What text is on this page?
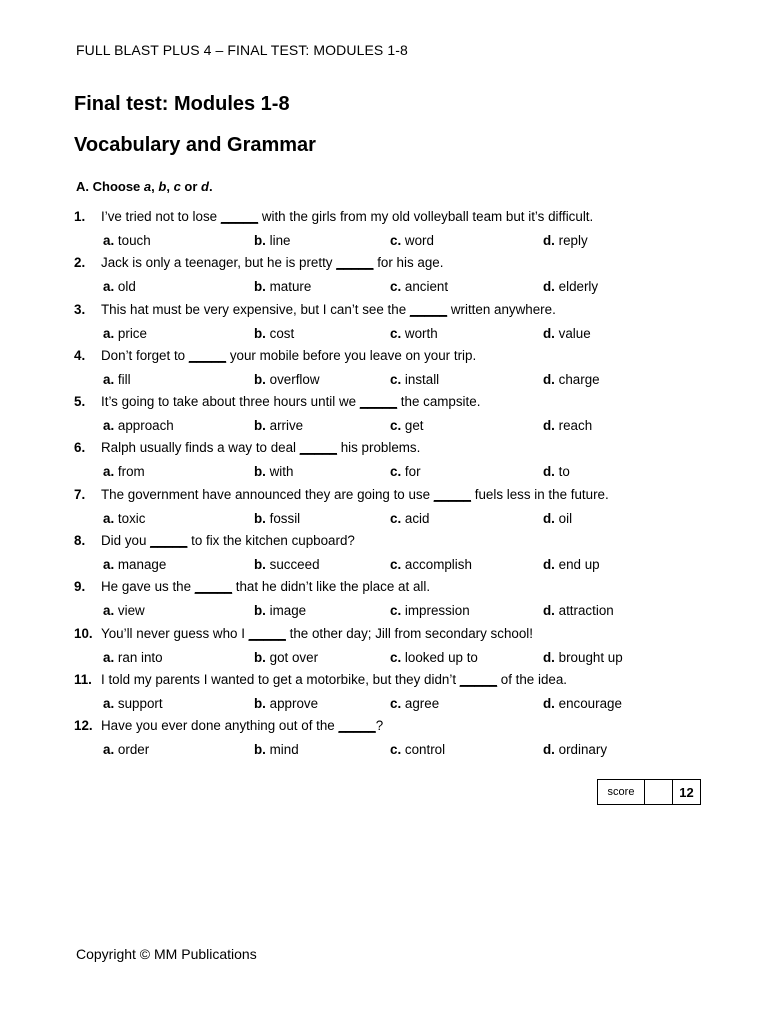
FULL BLAST PLUS 4 – FINAL TEST: MODULES 1-8
Final test: Modules 1-8
Vocabulary and Grammar
A. Choose a, b, c or d.
1. I’ve tried not to lose _____ with the girls from my old volleyball team but it’s difficult.
a. touch	b. line	c. word	d. reply
2. Jack is only a teenager, but he is pretty _____ for his age.
a. old	b. mature	c. ancient	d. elderly
3. This hat must be very expensive, but I can’t see the _____ written anywhere.
a. price	b. cost	c. worth	d. value
4. Don’t forget to _____ your mobile before you leave on your trip.
a. fill	b. overflow	c. install	d. charge
5. It’s going to take about three hours until we _____ the campsite.
a. approach	b. arrive	c. get	d. reach
6. Ralph usually finds a way to deal _____ his problems.
a. from	b. with	c. for	d. to
7. The government have announced they are going to use _____ fuels less in the future.
a. toxic	b. fossil	c. acid	d. oil
8. Did you _____ to fix the kitchen cupboard?
a. manage	b. succeed	c. accomplish	d. end up
9. He gave us the _____ that he didn’t like the place at all.
a. view	b. image	c. impression	d. attraction
10. You’ll never guess who I _____ the other day; Jill from secondary school!
a. ran into	b. got over	c. looked up to	d. brought up
11. I told my parents I wanted to get a motorbike, but they didn’t _____ of the idea.
a. support	b. approve	c. agree	d. encourage
12. Have you ever done anything out of the _____?
a. order	b. mind	c. control	d. ordinary
score	12
Copyright © MM Publications
